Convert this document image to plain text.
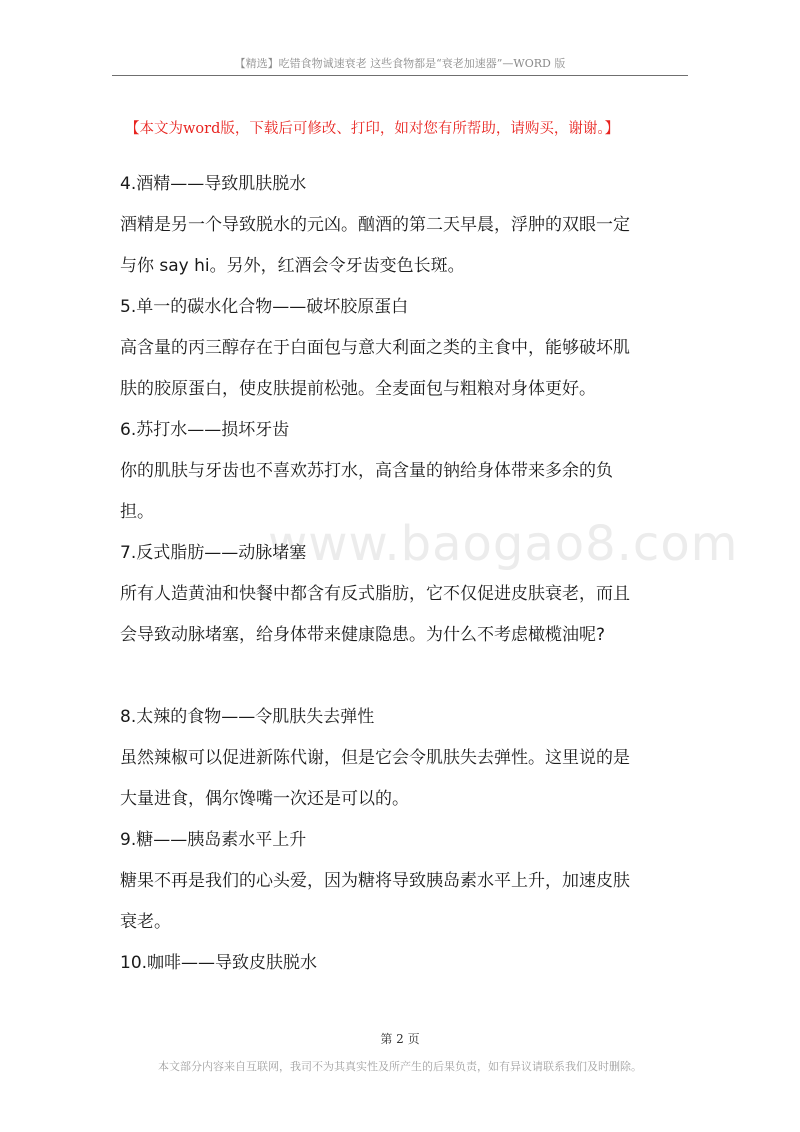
【精选】吃错食物诚速衰老 这些食物都是“衰老加速器”—WORD 版
【本文为word版，下载后可修改、打印，如对您有所帮助，请购买，谢谢。】
www.baogao8.com

4.酒精——导致肌肤脱水

酒精是另一个导致脱水的元凶。酗酒的第二天早晨，浮肿的双眼一定

与你 say hi。另外，红酒会令牙齿变色长斑。

5.单一的碳水化合物——破坏胶原蛋白

高含量的丙三醇存在于白面包与意大利面之类的主食中，能够破坏肌

肤的胶原蛋白，使皮肤提前松弛。全麦面包与粗粮对身体更好。

6.苏打水——损坏牙齿

你的肌肤与牙齿也不喜欢苏打水，高含量的钠给身体带来多余的负

担。

7.反式脂肪——动脉堵塞

所有人造黄油和快餐中都含有反式脂肪，它不仅促进皮肤衰老，而且

会导致动脉堵塞，给身体带来健康隐患。为什么不考虑橄榄油呢?

8.太辣的食物——令肌肤失去弹性

虽然辣椒可以促进新陈代谢，但是它会令肌肤失去弹性。这里说的是

大量进食，偶尔馋嘴一次还是可以的。

9.糖——胰岛素水平上升

糖果不再是我们的心头爱，因为糖将导致胰岛素水平上升，加速皮肤

衰老。

10.咖啡——导致皮肤脱水

第 2 页
本文部分内容来自互联网，我司不为其真实性及所产生的后果负责，如有异议请联系我们及时删除。
